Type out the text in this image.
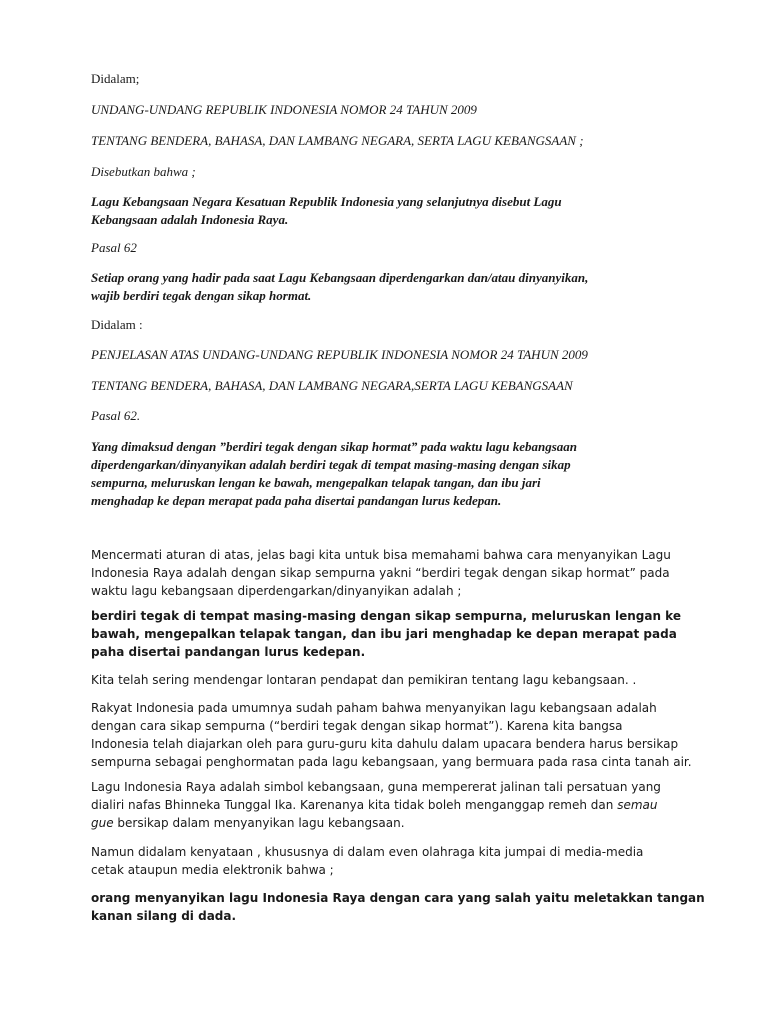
Didalam;

UNDANG-UNDANG REPUBLIK INDONESIA NOMOR 24 TAHUN 2009

TENTANG BENDERA, BAHASA, DAN LAMBANG NEGARA, SERTA LAGU KEBANGSAAN ;

Disebutkan bahwa ;

Lagu Kebangsaan Negara Kesatuan Republik Indonesia yang selanjutnya disebut Lagu
Kebangsaan adalah Indonesia Raya.

Pasal 62

Setiap orang yang hadir pada saat Lagu Kebangsaan diperdengarkan dan/atau dinyanyikan,
wajib berdiri tegak dengan sikap hormat.

Didalam :

PENJELASAN ATAS UNDANG-UNDANG REPUBLIK INDONESIA NOMOR 24 TAHUN 2009

TENTANG BENDERA, BAHASA, DAN LAMBANG NEGARA,SERTA LAGU KEBANGSAAN

Pasal 62.

Yang dimaksud dengan ”berdiri tegak dengan sikap hormat” pada waktu lagu kebangsaan
diperdengarkan/dinyanyikan adalah berdiri tegak di tempat masing-masing dengan sikap
sempurna, meluruskan lengan ke bawah, mengepalkan telapak tangan, dan ibu jari
menghadap ke depan merapat pada paha disertai pandangan lurus kedepan.

Mencermati aturan di atas, jelas bagi kita untuk bisa memahami bahwa cara menyanyikan Lagu
Indonesia Raya adalah dengan sikap sempurna yakni “berdiri tegak dengan sikap hormat” pada
waktu lagu kebangsaan diperdengarkan/dinyanyikan adalah ;

berdiri tegak di tempat masing-masing dengan sikap sempurna, meluruskan lengan ke
bawah, mengepalkan telapak tangan, dan ibu jari menghadap ke depan merapat pada
paha disertai pandangan lurus kedepan.

Kita telah sering mendengar lontaran pendapat dan pemikiran tentang lagu kebangsaan. .

Rakyat Indonesia pada umumnya sudah paham bahwa menyanyikan lagu kebangsaan adalah
dengan cara sikap sempurna (“berdiri tegak dengan sikap hormat”). Karena kita bangsa
Indonesia telah diajarkan oleh para guru-guru kita dahulu dalam upacara bendera harus bersikap
sempurna sebagai penghormatan pada lagu kebangsaan, yang bermuara pada rasa cinta tanah air.

Lagu Indonesia Raya adalah simbol kebangsaan, guna mempererat jalinan tali persatuan yang
dialiri nafas Bhinneka Tunggal Ika. Karenanya kita tidak boleh menganggap remeh dan semau
gue bersikap dalam menyanyikan lagu kebangsaan.

Namun didalam kenyataan , khususnya di dalam even olahraga kita jumpai di media-media
cetak ataupun media elektronik bahwa ;

orang menyanyikan lagu Indonesia Raya dengan cara yang salah yaitu meletakkan tangan
kanan silang di dada.
